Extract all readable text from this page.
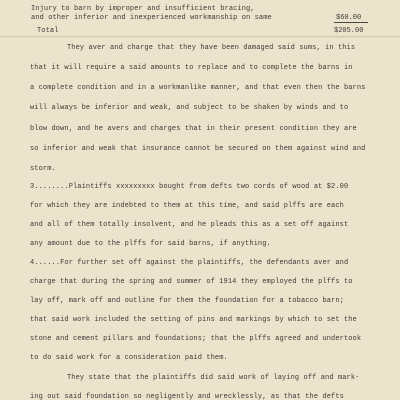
Injury to barn by improper and insufficient bracing,
and other inferior and inexperienced workmanship on same	$60.00
Total	$205.00
They aver and charge that they have been damaged said sums, in this
that it will require a said amounts to replace and to complete the barns in
a complete condition and in a workmanlike manner, and that even then the barns
will always be inferior and weak, and subject to be shaken by winds and to
blow down, and he avers and charges that in their present condition they are
so inferior and weak that insurance cannot be secured on them against wind and
storm.
3........Plaintiffs xxxxxxxxx bought from defts two cords of wood at $2.00
for which they are indebted to them at this time, and said plffs are each
and all of them totally insolvent, and he pleads this as a set off against
any amount due to the plffs for said barns, if anything.
4......For further set off against the plaintiffs, the defendants aver and
charge that during the spring and summer of 1914 they employed the plffs to
lay off, mark off and outline for them the foundation for a tobacco barn;
that said work included the setting of pins and markings by which to set the
stone and cement pillars and foundations; that the plffs agreed and undertook
to do said work for a consideration paid them.
They state that the plaintiffs did said work of laying off and mark-
ing out said foundation so negligently and wrecklessly, as that the defts
